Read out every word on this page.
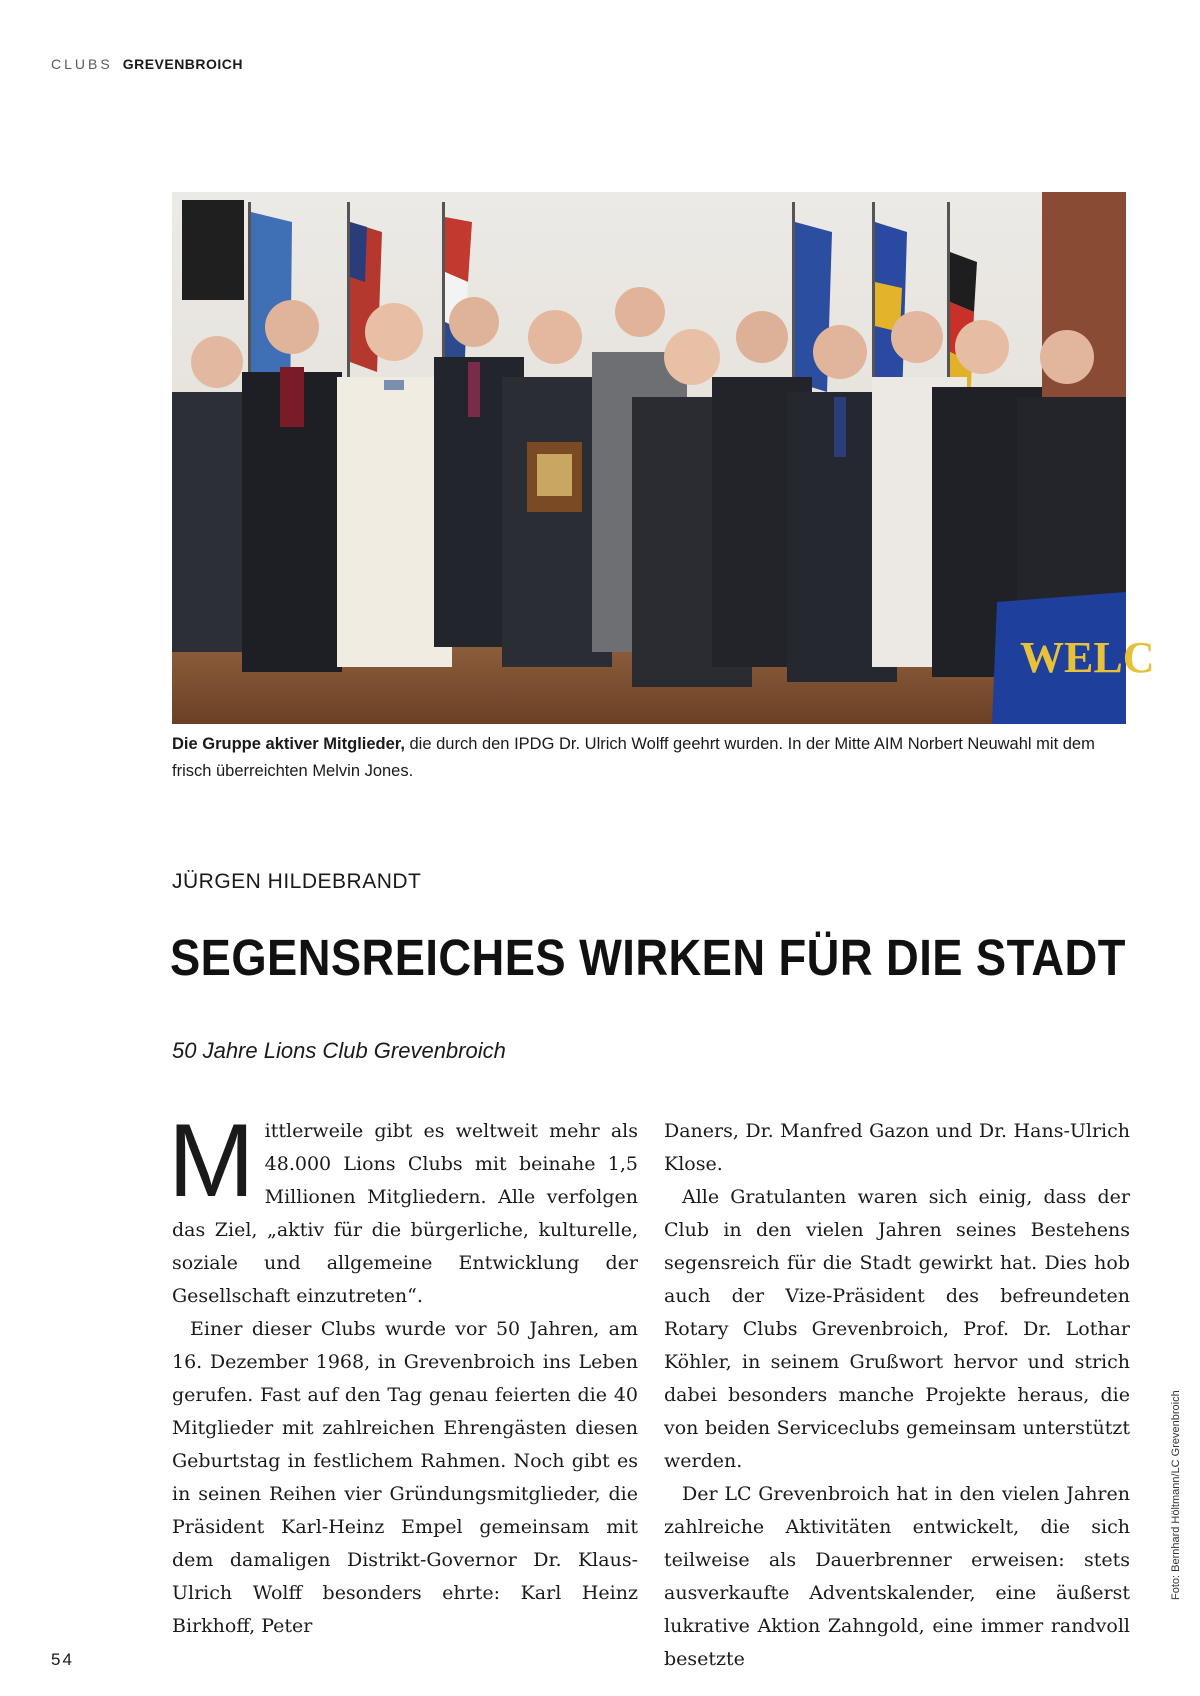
CLUBS GREVENBROICH
WELC
Die Gruppe aktiver Mitglieder, die durch den IPDG Dr. Ulrich Wolff geehrt wurden. In der Mitte AIM Norbert Neuwahl mit dem frisch überreichten Melvin Jones.
JÜRGEN HILDEBRANDT
SEGENSREICHES WIRKEN FÜR DIE STADT
50 Jahre Lions Club Grevenbroich

Mittlerweile gibt es weltweit mehr als 48.000 Lions Clubs mit beinahe 1,5 Millionen Mitgliedern. Alle verfolgen das Ziel, „aktiv für die bürgerliche, kulturelle, soziale und allgemeine Entwicklung der Gesellschaft einzutreten“.

Einer dieser Clubs wurde vor 50 Jahren, am 16. Dezember 1968, in Grevenbroich ins Leben gerufen. Fast auf den Tag genau feierten die 40 Mitglieder mit zahlreichen Ehrengästen diesen Geburtstag in festlichem Rahmen. Noch gibt es in seinen Reihen vier Gründungsmitglieder, die Präsident Karl-Heinz Empel gemeinsam mit dem damaligen Distrikt-Governor Dr. Klaus-Ulrich Wolff besonders ehrte: Karl Heinz Birkhoff, Peter

Daners, Dr. Manfred Gazon und Dr. Hans-Ulrich Klose.

Alle Gratulanten waren sich einig, dass der Club in den vielen Jahren seines Bestehens segensreich für die Stadt gewirkt hat. Dies hob auch der Vize-Präsident des befreundeten Rotary Clubs Grevenbroich, Prof. Dr. Lothar Köhler, in seinem Grußwort hervor und strich dabei besonders manche Projekte heraus, die von beiden Serviceclubs gemeinsam unterstützt werden.

Der LC Grevenbroich hat in den vielen Jahren zahlreiche Aktivitäten entwickelt, die sich teilweise als Dauerbrenner erweisen: stets ausverkaufte Adventskalender, eine äußerst lukrative Aktion Zahngold, eine immer randvoll besetzte

Foto: Bernhard Höltmann/LC Grevenbroich
54
